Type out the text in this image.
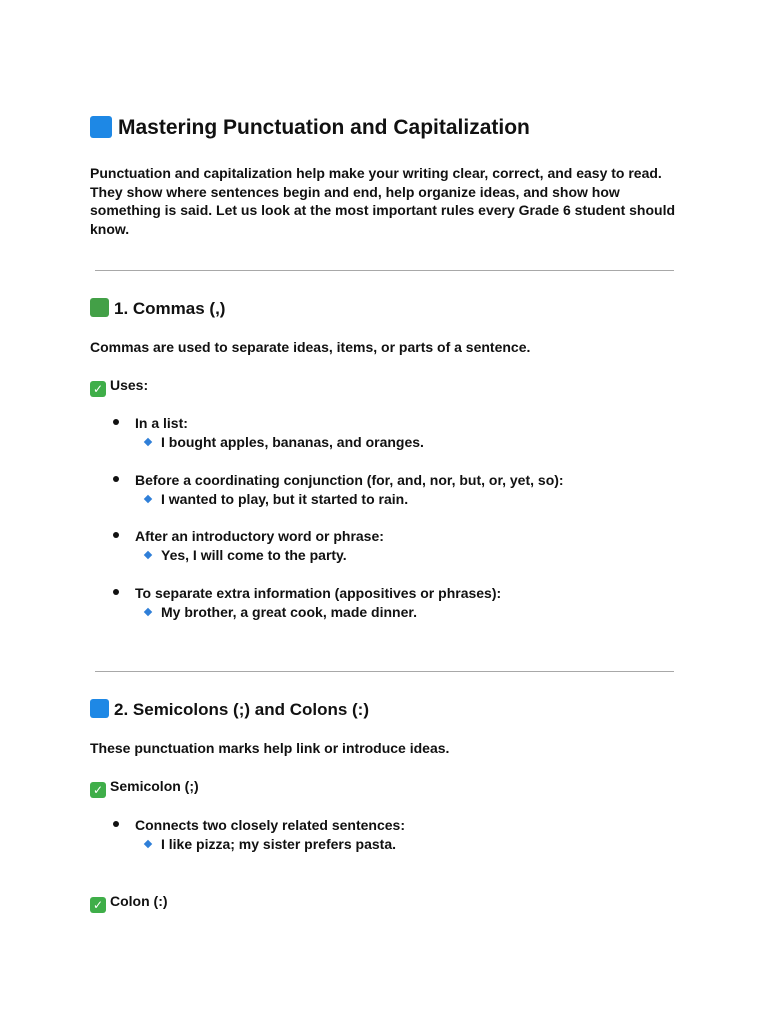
Mastering Punctuation and Capitalization

Punctuation and capitalization help make your writing clear, correct, and easy to read. They show where sentences begin and end, help organize ideas, and show how something is said. Let us look at the most important rules every Grade 6 student should know.

1. Commas (,)

Commas are used to separate ideas, items, or parts of a sentence.

✓ Uses:

In a list:

I bought apples, bananas, and oranges.

Before a coordinating conjunction (for, and, nor, but, or, yet, so):

I wanted to play, but it started to rain.

After an introductory word or phrase:

Yes, I will come to the party.

To separate extra information (appositives or phrases):

My brother, a great cook, made dinner.

2. Semicolons (;) and Colons (:)

These punctuation marks help link or introduce ideas.

✓ Semicolon (;)

Connects two closely related sentences:

I like pizza; my sister prefers pasta.

✓ Colon (:)
